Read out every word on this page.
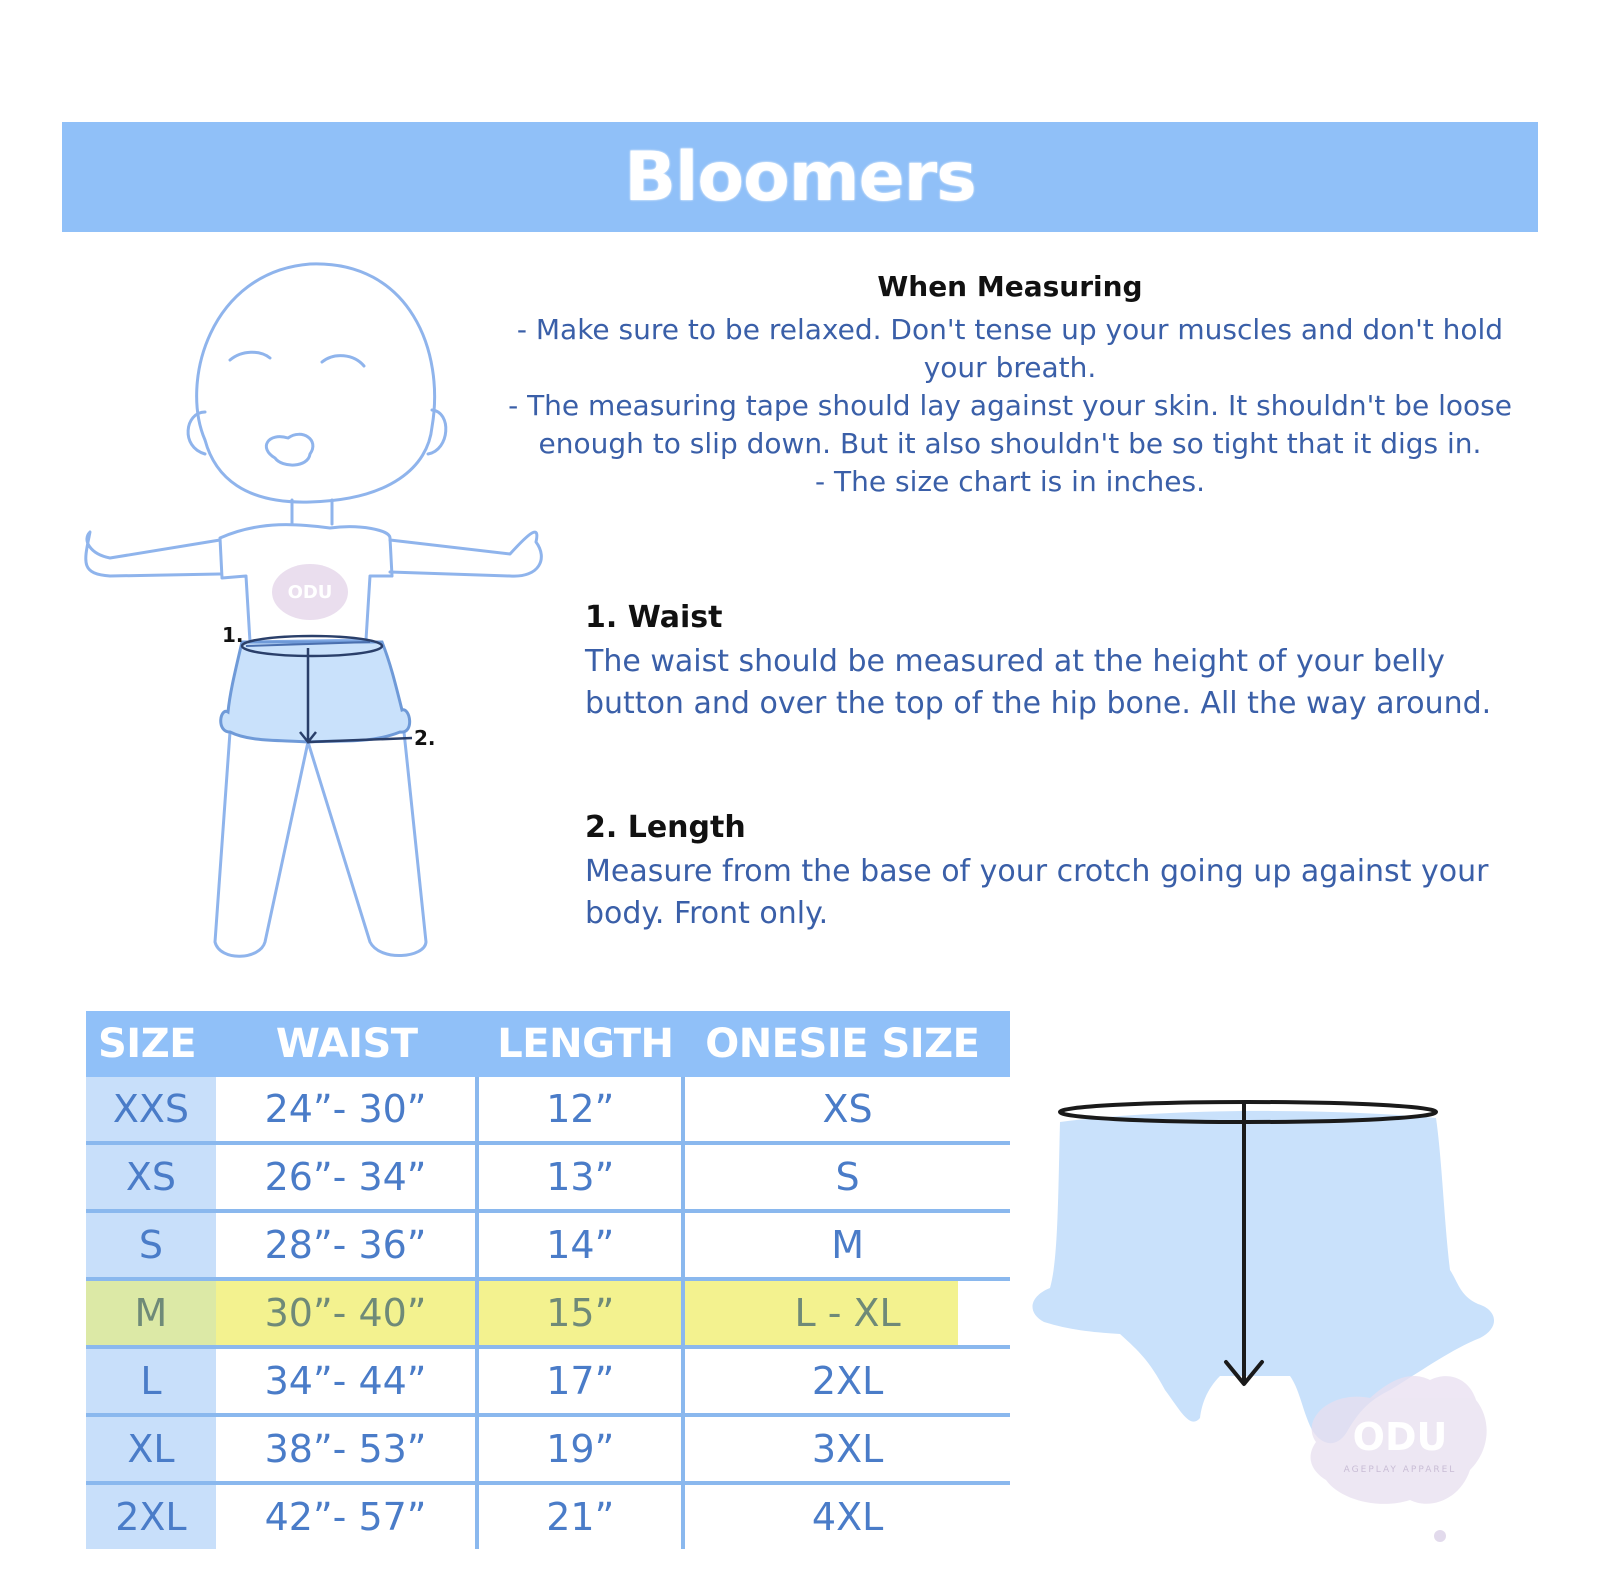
Bloomers
ODU
1.
2.
When Measuring
- Make sure to be relaxed. Don't tense up your muscles and don't hold your breath.
- The measuring tape should lay against your skin. It shouldn't be loose enough to slip down. But it also shouldn't be so tight that it digs in.
- The size chart is in inches.
1. Waist
The waist should be measured at the height of your belly button and over the top of the hip bone. All the way around.
2. Length
Measure from the base of your crotch going up against your body. Front only.
SIZE	WAIST	LENGTH	ONESIE SIZE
XXS	24”- 30”	12”	XS
XS	26”- 34”	13”	S
S	28”- 36”	14”	M
M	30”- 40”	15”	L - XL
L	34”- 44”	17”	2XL
XL	38”- 53”	19”	3XL
2XL	42”- 57”	21”	4XL
ODU
AGEPLAY APPAREL
